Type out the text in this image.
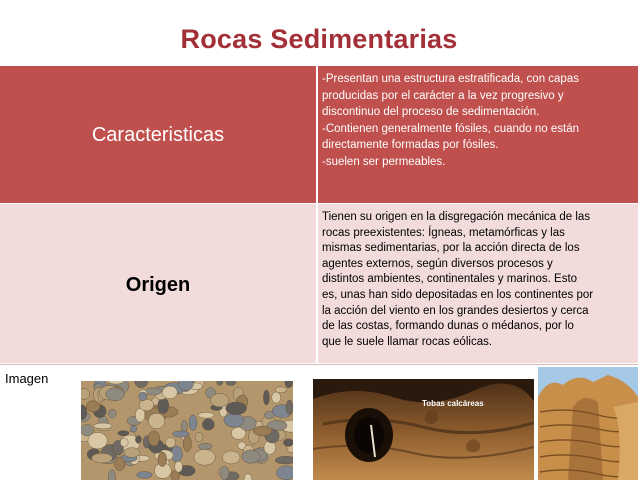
Rocas Sedimentarias
Caracteristicas
-Presentan una estructura estratificada, con capas
producidas por el carácter a la vez progresivo y
discontinuo del proceso de sedimentación.
-Contienen generalmente fósiles, cuando no están
directamente formadas por fósiles.
-suelen ser permeables.
Origen
Tienen su origen en la disgregación mecánica de las
rocas preexistentes: Ígneas, metamórficas y las
mismas sedimentarias, por la acción directa de los
agentes externos, según diversos procesos y
distintos ambientes, continentales y marinos. Esto
es, unas han sido depositadas en los continentes por
la acción del viento en los grandes desiertos y cerca
de las costas, formando dunas o médanos, por lo
que le suele llamar rocas eólicas.
Imagen
Tobas calcáreas
